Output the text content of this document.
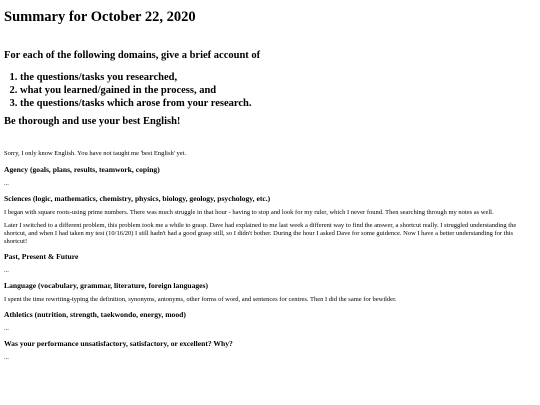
Summary for October 22, 2020
For each of the following domains, give a brief account of
1. the questions/tasks you researched,
2. what you learned/gained in the process, and
3. the questions/tasks which arose from your research.
Be thorough and use your best English!

Sorry, I only know English. You have not taught me 'best English' yet.

Agency (goals, plans, results, teamwork, coping)

...

Sciences (logic, mathematics, chemistry, physics, biology, geology, psychology, etc.)

I began with square roots-using prime numbers. There was much struggle in that hour - having to stop and look for my ruler, which I never found. Then searching through my notes as well.

Later I switched to a different problem, this problem took me a while to grasp. Dave had explained to me last week a different way to find the answer, a shortcut really. I struggled understanding the shortcut, and when I had taken my test (10/16/20) I still hadn't had a good grasp still, so I didn't bother. During the hour I asked Dave for some guidence. Now I have a better understanding for this shortcut!

Past, Present & Future

...

Language (vocabulary, grammar, literature, foreign languages)

I spent the time rewriting-typing the definition, synonyms, antonyms, other forms of word, and sentences for centres. Then I did the same for bewilder.

Athletics (nutrition, strength, taekwondo, energy, mood)

...

Was your performance unsatisfactory, satisfactory, or excellent? Why?

...
